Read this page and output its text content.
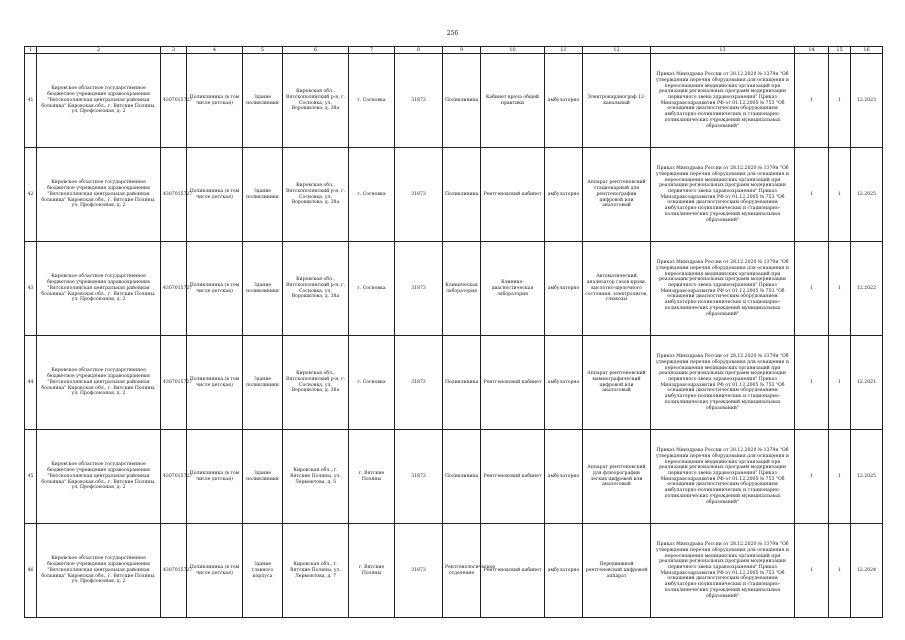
256
1	2	3	4	5	6	7	8	9	10	11	12	13	14	15	16
41	Кировское областное государственное бюджетное учреждение здравоохранения "Вятскополянская центральная районная больница" Кировская обл., г. Вятские Поляны, ул. Профсоюзная, д. 2	4307015727	Поликлиника (в том числе детская)	Здание поликлиники	Кировская обл., Вятскополянский р-н, г. Сосновка, ул. Ворошилова, д. 38а	г. Сосновка	31873	Поликлиника	Кабинет врача общей практики	амбулаторно	Электрокардиограф 12-канальный	Приказ Минздрава России от 28.12.2020 № 1379н "Об утверждении перечня оборудования для оснащения и переоснащения медицинских организаций при реализации региональных программ модернизации первичного звена здравоохранения" Приказ Минздравсоцразвития РФ от 01.12.2005 № 753 "Об оснащении диагностическим оборудованием амбулаторно-поликлинических и стационарно-поликлинических учреждений муниципальных образований"	1	1	12.2023
42	Кировское областное государственное бюджетное учреждение здравоохранения "Вятскополянская центральная районная больница" Кировская обл., г. Вятские Поляны, ул. Профсоюзная, д. 2	4307015727	Поликлиника (в том числе детская)	Здание поликлиники	Кировская обл., Вятскополянский р-н, г. Сосновка, ул. Ворошилова, д. 38а	г. Сосновка	31873	Поликлиника	Рентгеновский кабинет	амбулаторно	Аппарат рентгеновский стационарный для рентгенографии цифровой или аналоговый	Приказ Минздрава России от 28.12.2020 № 1379н "Об утверждении перечня оборудования для оснащения и переоснащения медицинских организаций при реализации региональных программ модернизации первичного звена здравоохранения" Приказ Минздравсоцразвития РФ от 01.12.2005 № 753 "Об оснащении диагностическим оборудованием амбулаторно-поликлинических и стационарно-поликлинических учреждений муниципальных образований"	1	1	12.2025
43	Кировское областное государственное бюджетное учреждение здравоохранения "Вятскополянская центральная районная больница" Кировская обл., г. Вятские Поляны, ул. Профсоюзная, д. 2	4307015727	Поликлиника (в том числе детская)	Здание поликлиники	Кировская обл., Вятскополянский р-н, г. Сосновка, ул. Ворошилова, д. 38а	г. Сосновка	31873	Клиническая лаборатория	Клинико-диагностическая лаборатория	амбулаторно	Автоматический анализатор газов крови, кислотно-щелочного состояния, электролитов, глюкозы	Приказ Минздрава России от 28.12.2020 № 1379н "Об утверждении перечня оборудования для оснащения и переоснащения медицинских организаций при реализации региональных программ модернизации первичного звена здравоохранения" Приказ Минздравсоцразвития РФ от 01.12.2005 № 753 "Об оснащении диагностическим оборудованием амбулаторно-поликлинических и стационарно-поликлинических учреждений муниципальных образований"	1	1	12.2022
44	Кировское областное государственное бюджетное учреждение здравоохранения "Вятскополянская центральная районная больница" Кировская обл., г. Вятские Поляны, ул. Профсоюзная, д. 2	4307015727	Поликлиника (в том числе детская)	Здание поликлиники	Кировская обл., Вятскополянский р-н, г. Сосновка, ул. Ворошилова, д. 38а	г. Сосновка	31873	Поликлиника	Рентгеновский кабинет	амбулаторно	Аппарат рентгеновский маммографический цифровой или аналоговый	Приказ Минздрава России от 28.12.2020 № 1379н "Об утверждении перечня оборудования для оснащения и переоснащения медицинских организаций при реализации региональных программ модернизации первичного звена здравоохранения" Приказ Минздравсоцразвития РФ от 01.12.2005 № 753 "Об оснащении диагностическим оборудованием амбулаторно-поликлинических и стационарно-поликлинических учреждений муниципальных образований"	1	1	12.2021
45	Кировское областное государственное бюджетное учреждение здравоохранения "Вятскополянская центральная районная больница" Кировская обл., г. Вятские Поляны, ул. Профсоюзная, д. 2	4307015727	Поликлиника (в том числе детская)	Здание поликлиники	Кировская обл., г. Вятские Поляны, ул. Лермонтова, д. 5	г. Вятские Поляны	31873	Поликлиника	Рентгеновский кабинет	амбулаторно	Аппарат рентгеновский для флюорографии легких цифровой или аналоговый	Приказ Минздрава России от 28.12.2020 № 1379н "Об утверждении перечня оборудования для оснащения и переоснащения медицинских организаций при реализации региональных программ модернизации первичного звена здравоохранения" Приказ Минздравсоцразвития РФ от 01.12.2005 № 753 "Об оснащении диагностическим оборудованием амбулаторно-поликлинических и стационарно-поликлинических учреждений муниципальных образований"	1	1	12.2025
46	Кировское областное государственное бюджетное учреждение здравоохранения "Вятскополянская центральная районная больница" Кировская обл., г. Вятские Поляны, ул. Профсоюзная, д. 2	4307015727	Поликлиника (в том числе детская)	Здание главного корпуса	Кировская обл., г. Вятские Поляны, ул. Лермонтова, д. 7	г. Вятские Поляны	31873	Рентгенологическое отделение	Рентгеновский кабинет	амбулаторно	Передвижной рентгеновский цифровой аппарат	Приказ Минздрава России от 28.12.2020 № 1379н "Об утверждении перечня оборудования для оснащения и переоснащения медицинских организаций при реализации региональных программ модернизации первичного звена здравоохранения" Приказ Минздравсоцразвития РФ от 01.12.2005 № 753 "Об оснащении диагностическим оборудованием амбулаторно-поликлинических и стационарно-поликлинических учреждений муниципальных образований"	1	1	12.2024
